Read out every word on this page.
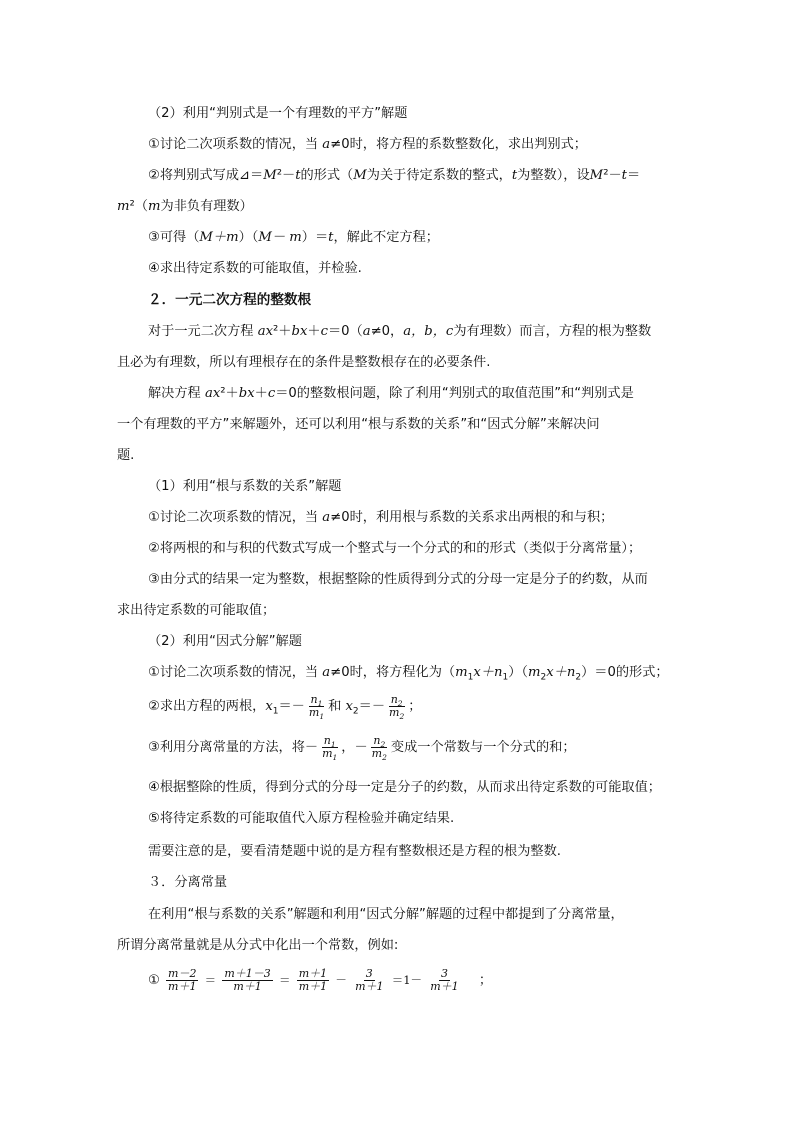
（2）利用“判别式是一个有理数的平方”解题
①讨论二次项系数的情况，当 a≠0时，将方程的系数整数化，求出判别式；
②将判别式写成⊿＝M²－t的形式（M为关于待定系数的整式，t为整数），设M²－t＝
m²（m为非负有理数）
③可得（M＋m）（M－ m）＝t，解此不定方程；
④求出待定系数的可能取值，并检验.
２．一元二次方程的整数根
对于一元二次方程 ax²＋bx＋c＝0（a≠0，a，b，c为有理数）而言，方程的根为整数
且必为有理数，所以有理根存在的条件是整数根存在的必要条件.
解决方程 ax²＋bx＋c＝0的整数根问题，除了利用“判别式的取值范围”和“判别式是
一个有理数的平方”来解题外，还可以利用“根与系数的关系”和“因式分解”来解决问
题.
（1）利用“根与系数的关系”解题
①讨论二次项系数的情况，当 a≠0时，利用根与系数的关系求出两根的和与积；
②将两根的和与积的代数式写成一个整式与一个分式的和的形式（类似于分离常量）；
③由分式的结果一定为整数，根据整除的性质得到分式的分母一定是分子的约数，从而
求出待定系数的可能取值；
（2）利用“因式分解”解题
①讨论二次项系数的情况，当 a≠0时，将方程化为$(m_1x+n_1)(m_2x+n_2)=0$的形式；
②求出方程的两根，$x_1=- \frac{n_1}{m_1}$ 和 $x_2=- \frac{n_2}{m_2}$ ；
③利用分离常量的方法，将－ $\frac{n_1}{m_1}$ ，－ $\frac{n_2}{m_2}$ 变成一个常数与一个分式的和；
④根据整除的性质，得到分式的分母一定是分子的约数，从而求出待定系数的可能取值；
⑤将待定系数的可能取值代入原方程检验并确定结果.
需要注意的是，要看清楚题中说的是方程有整数根还是方程的根为整数.
３．分离常量
在利用“根与系数的关系”解题和利用“因式分解”解题的过程中都提到了分离常量，
所谓分离常量就是从分式中化出一个常数，例如:
① $\frac{m-2}{m+1} = \frac{m+1-3}{m+1} = \frac{m+1}{m+1} - \frac{3}{m+1} =1- \frac{3}{m+1}$ ；
